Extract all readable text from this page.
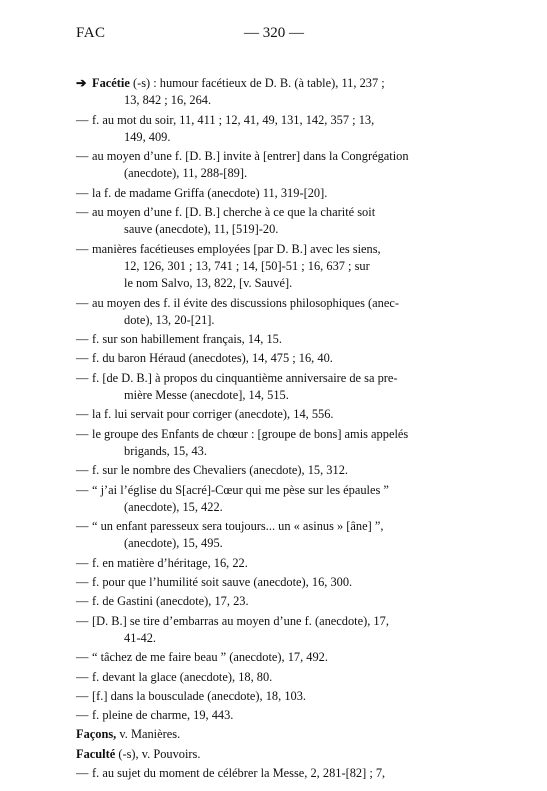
FAC	— 320 —

➔ Facétie (-s) : humour facétieux de D. B. (à table), 11, 237 ;
13, 842 ; 16, 264.

— f. au mot du soir, 11, 411 ; 12, 41, 49, 131, 142, 357 ; 13,
149, 409.

— au moyen d’une f. [D. B.] invite à [entrer] dans la Congrégation
(anecdote), 11, 288-[89].

— la f. de madame Griffa (anecdote) 11, 319-[20].

— au moyen d’une f. [D. B.] cherche à ce que la charité soit
sauve (anecdote), 11, [519]-20.

— manières facétieuses employées [par D. B.] avec les siens,
12, 126, 301 ; 13, 741 ; 14, [50]-51 ; 16, 637 ; sur
le nom Salvo, 13, 822, [v. Sauvé].

— au moyen des f. il évite des discussions philosophiques (anec-
dote), 13, 20-[21].

— f. sur son habillement français, 14, 15.

— f. du baron Héraud (anecdotes), 14, 475 ; 16, 40.

— f. [de D. B.] à propos du cinquantième anniversaire de sa pre-
mière Messe (anecdote], 14, 515.

— la f. lui servait pour corriger (anecdote), 14, 556.

— le groupe des Enfants de chœur : [groupe de bons] amis appelés
brigands, 15, 43.

— f. sur le nombre des Chevaliers (anecdote), 15, 312.

— “ j’ai l’église du S[acré]-Cœur qui me pèse sur les épaules ”
(anecdote), 15, 422.

— “ un enfant paresseux sera toujours... un « asinus » [âne] ”,
(anecdote), 15, 495.

— f. en matière d’héritage, 16, 22.

— f. pour que l’humilité soit sauve (anecdote), 16, 300.

— f. de Gastini (anecdote), 17, 23.

— [D. B.] se tire d’embarras au moyen d’une f. (anecdote), 17,
41-42.

— “ tâchez de me faire beau ” (anecdote), 17, 492.

— f. devant la glace (anecdote), 18, 80.

— [f.] dans la bousculade (anecdote), 18, 103.

— f. pleine de charme, 19, 443.

Façons, v. Manières.

Faculté (-s), v. Pouvoirs.

— f. au sujet du moment de célébrer la Messe, 2, 281-[82] ; 7,
